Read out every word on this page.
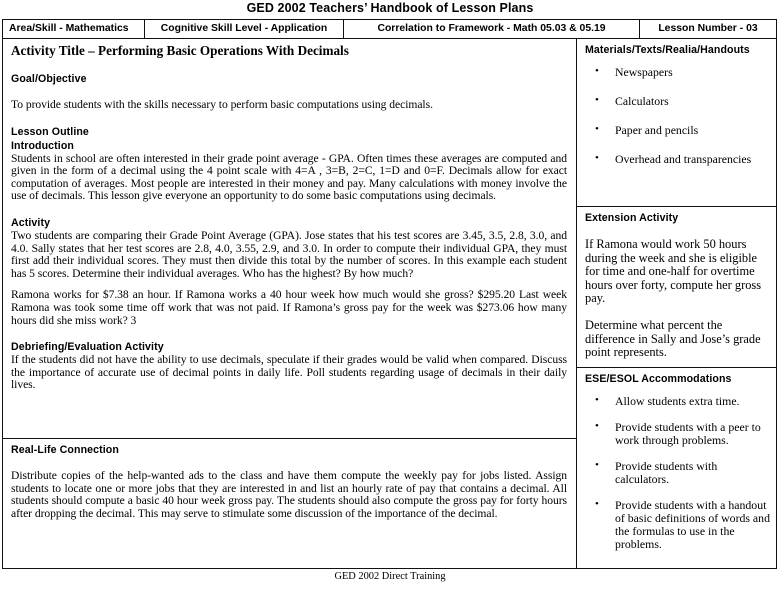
GED 2002 Teachers’ Handbook of Lesson Plans
Area/Skill - Mathematics	Cognitive Skill Level - Application	Correlation to Framework - Math 05.03 & 05.19	Lesson Number - 03
Activity Title – Performing Basic Operations With Decimals
Goal/Objective

To provide students with the skills necessary to perform basic computations using decimals.

Lesson Outline
Introduction

Students in school are often interested in their grade point average - GPA. Often times these averages are computed and given in the form of a decimal using the 4 point scale with 4=A , 3=B, 2=C, 1=D and 0=F. Decimals allow for exact computation of averages. Most people are interested in their money and pay. Many calculations with money involve the use of decimals. This lesson give everyone an opportunity to do some basic computations using decimals.

Activity

Two students are comparing their Grade Point Average (GPA). Jose states that his test scores are 3.45, 3.5, 2.8, 3.0, and 4.0. Sally states that her test scores are 2.8, 4.0, 3.55, 2.9, and 3.0. In order to compute their individual GPA, they must first add their individual scores. They must then divide this total by the number of scores. In this example each student has 5 scores. Determine their individual averages. Who has the highest? By how much?

Ramona works for $7.38 an hour. If Ramona works a 40 hour week how much would she gross? $295.20 Last week Ramona was took some time off work that was not paid. If Ramona’s gross pay for the week was $273.06 how many hours did she miss work? 3

Debriefing/Evaluation Activity

If the students did not have the ability to use decimals, speculate if their grades would be valid when compared. Discuss the importance of accurate use of decimal points in daily life. Poll students regarding usage of decimals in their daily lives.

Real-Life Connection

Distribute copies of the help-wanted ads to the class and have them compute the weekly pay for jobs listed. Assign students to locate one or more jobs that they are interested in and list an hourly rate of pay that contains a decimal. All students should compute a basic 40 hour week gross pay. The students should also compute the gross pay for forty hours after dropping the decimal. This may serve to stimulate some discussion of the importance of the decimal.

Materials/Texts/Realia/Handouts
• Newspapers
• Calculators
• Paper and pencils
• Overhead and transparencies
Extension Activity

If Ramona would work 50 hours during the week and she is eligible for time and one-half for overtime hours over forty, compute her gross pay.

Determine what percent the difference in Sally and Jose’s grade point represents.

ESE/ESOL Accommodations
• Allow students extra time.
• Provide students with a peer to work through problems.
• Provide students with calculators.
• Provide students with a handout of basic definitions of words and the formulas to use in the problems.
GED 2002 Direct Training
